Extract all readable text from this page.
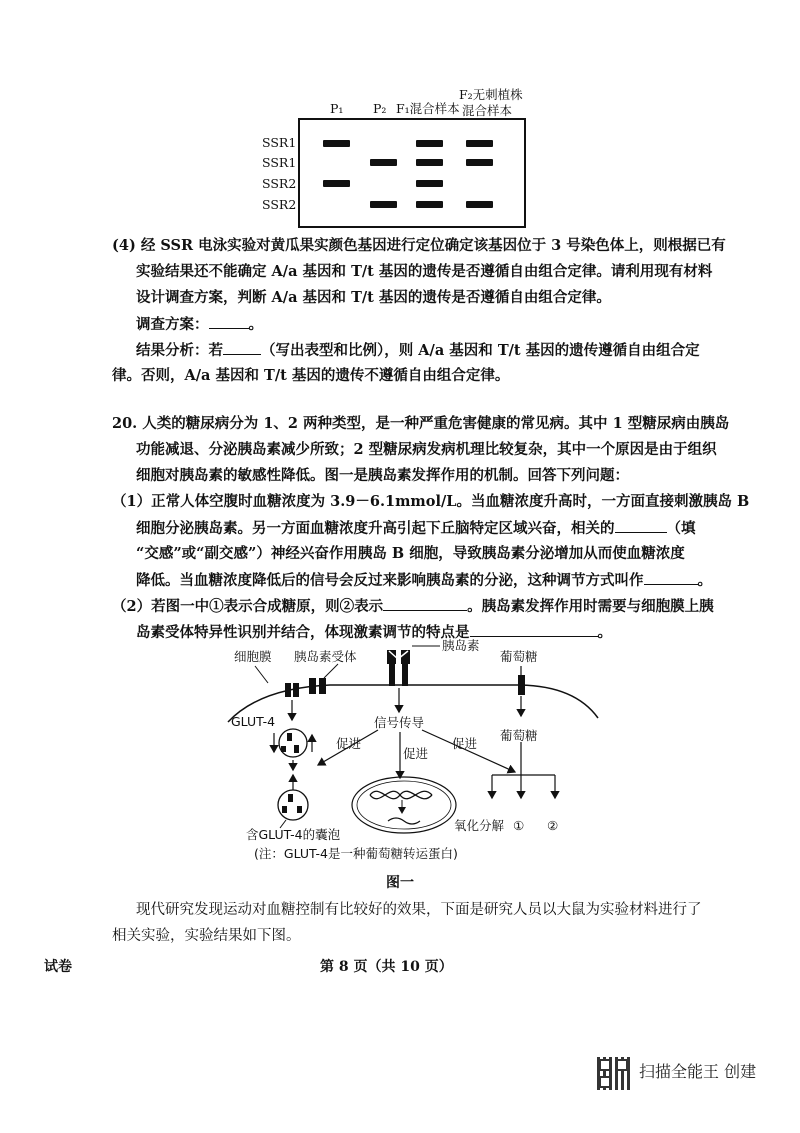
P₁ P₂ F₁混合样本
F₂无刺植株
混合样本
SSR1
SSR1
SSR2
SSR2
(4) 经 SSR 电泳实验对黄瓜果实颜色基因进行定位确定该基因位于 3 号染色体上，则根据已有
实验结果还不能确定 A/a 基因和 T/t 基因的遗传是否遵循自由组合定律。请利用现有材料
设计调查方案，判断 A/a 基因和 T/t 基因的遗传是否遵循自由组合定律。
调查方案：	。
结果分析：若	（写出表型和比例），则 A/a 基因和 T/t 基因的遗传遵循自由组合定
律。否则，A/a 基因和 T/t 基因的遗传不遵循自由组合定律。
20. 人类的糖尿病分为 1、2 两种类型，是一种严重危害健康的常见病。其中 1 型糖尿病由胰岛
功能减退、分泌胰岛素减少所致；2 型糖尿病发病机理比较复杂，其中一个原因是由于组织
细胞对胰岛素的敏感性降低。图一是胰岛素发挥作用的机制。回答下列问题：
（1）正常人体空腹时血糖浓度为 3.9－6.1mmol/L。当血糖浓度升高时，一方面直接刺激胰岛 B
细胞分泌胰岛素。另一方面血糖浓度升高引起下丘脑特定区域兴奋，相关的	（填
“交感”或“副交感”）神经兴奋作用胰岛 B 细胞，导致胰岛素分泌增加从而使血糖浓度
降低。当血糖浓度降低后的信号会反过来影响胰岛素的分泌，这种调节方式叫作	。
（2）若图一中①表示合成糖原，则②表示	。胰岛素发挥作用时需要与细胞膜上胰
岛素受体特异性识别并结合，体现激素调节的特点是	。
细胞膜 胰岛素受体
胰岛素
葡萄糖
葡萄糖
GLUT-4	信号传导
促进
促进
促进
含GLUT-4的囊泡
氧化分解 ① ②
(注：GLUT-4是一种葡萄糖转运蛋白)
图一
现代研究发现运动对血糖控制有比较好的效果，下面是研究人员以大鼠为实验材料进行了
相关实验，实验结果如下图。
试卷	第 8 页（共 10 页）
扫描全能王 创建
